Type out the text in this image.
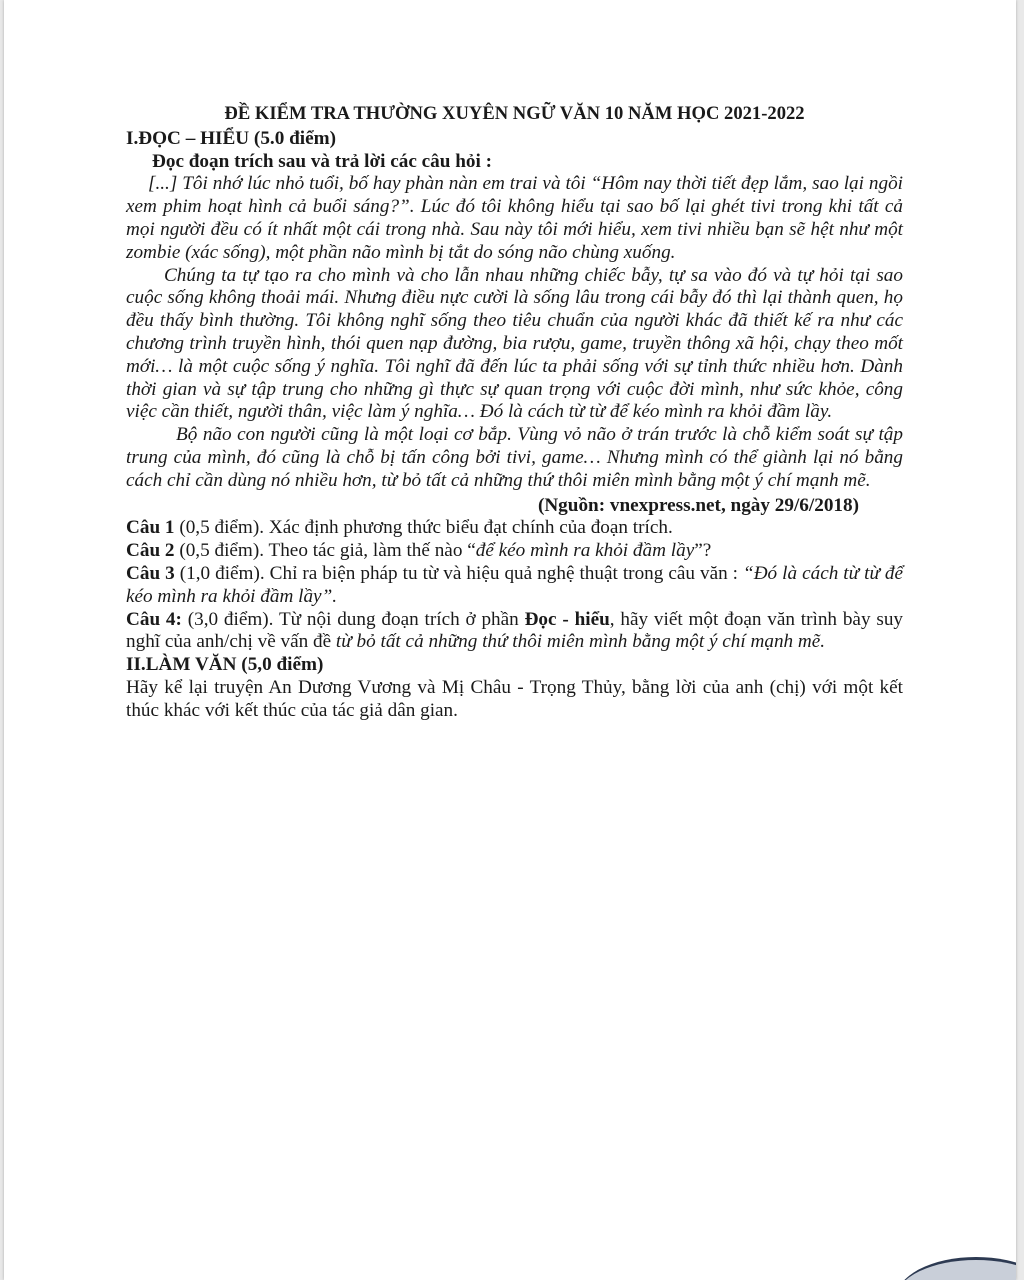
ĐỀ KIỂM TRA THƯỜNG XUYÊN NGỮ VĂN 10 NĂM HỌC 2021-2022

I.ĐỌC – HIỂU (5.0 điểm)

Đọc đoạn trích sau và trả lời các câu hỏi :

[...] Tôi nhớ lúc nhỏ tuổi, bố hay phàn nàn em trai và tôi “Hôm nay thời tiết đẹp lắm, sao lại ngồi xem phim hoạt hình cả buổi sáng?”. Lúc đó tôi không hiểu tại sao bố lại ghét tivi trong khi tất cả mọi người đều có ít nhất một cái trong nhà. Sau này tôi mới hiểu, xem tivi nhiều bạn sẽ hệt như một zombie (xác sống), một phần não mình bị tắt do sóng não chùng xuống.

Chúng ta tự tạo ra cho mình và cho lẫn nhau những chiếc bẫy, tự sa vào đó và tự hỏi tại sao cuộc sống không thoải mái. Nhưng điều nực cười là sống lâu trong cái bẫy đó thì lại thành quen, họ đều thấy bình thường. Tôi không nghĩ sống theo tiêu chuẩn của người khác đã thiết kế ra như các chương trình truyền hình, thói quen nạp đường, bia rượu, game, truyền thông xã hội, chạy theo mốt mới… là một cuộc sống ý nghĩa. Tôi nghĩ đã đến lúc ta phải sống với sự tỉnh thức nhiều hơn. Dành thời gian và sự tập trung cho những gì thực sự quan trọng với cuộc đời mình, như sức khỏe, công việc cần thiết, người thân, việc làm ý nghĩa… Đó là cách từ từ để kéo mình ra khỏi đầm lầy.

Bộ não con người cũng là một loại cơ bắp. Vùng vỏ não ở trán trước là chỗ kiểm soát sự tập trung của mình, đó cũng là chỗ bị tấn công bởi tivi, game… Nhưng mình có thể giành lại nó bằng cách chỉ cần dùng nó nhiều hơn, từ bỏ tất cả những thứ thôi miên mình bằng một ý chí mạnh mẽ.

(Nguồn: vnexpress.net, ngày 29/6/2018)

Câu 1 (0,5 điểm). Xác định phương thức biểu đạt chính của đoạn trích.

Câu 2 (0,5 điểm). Theo tác giả, làm thế nào “để kéo mình ra khỏi đầm lầy”?

Câu 3 (1,0 điểm). Chỉ ra biện pháp tu từ và hiệu quả nghệ thuật trong câu văn : “Đó là cách từ từ để kéo mình ra khỏi đầm lầy”.

Câu 4: (3,0 điểm). Từ nội dung đoạn trích ở phần Đọc - hiểu, hãy viết một đoạn văn trình bày suy nghĩ của anh/chị về vấn đề từ bỏ tất cả những thứ thôi miên mình bằng một ý chí mạnh mẽ.

II.LÀM VĂN (5,0 điểm)

Hãy kể lại truyện An Dương Vương và Mị Châu - Trọng Thủy, bằng lời của anh (chị) với một kết thúc khác với kết thúc của tác giả dân gian.
